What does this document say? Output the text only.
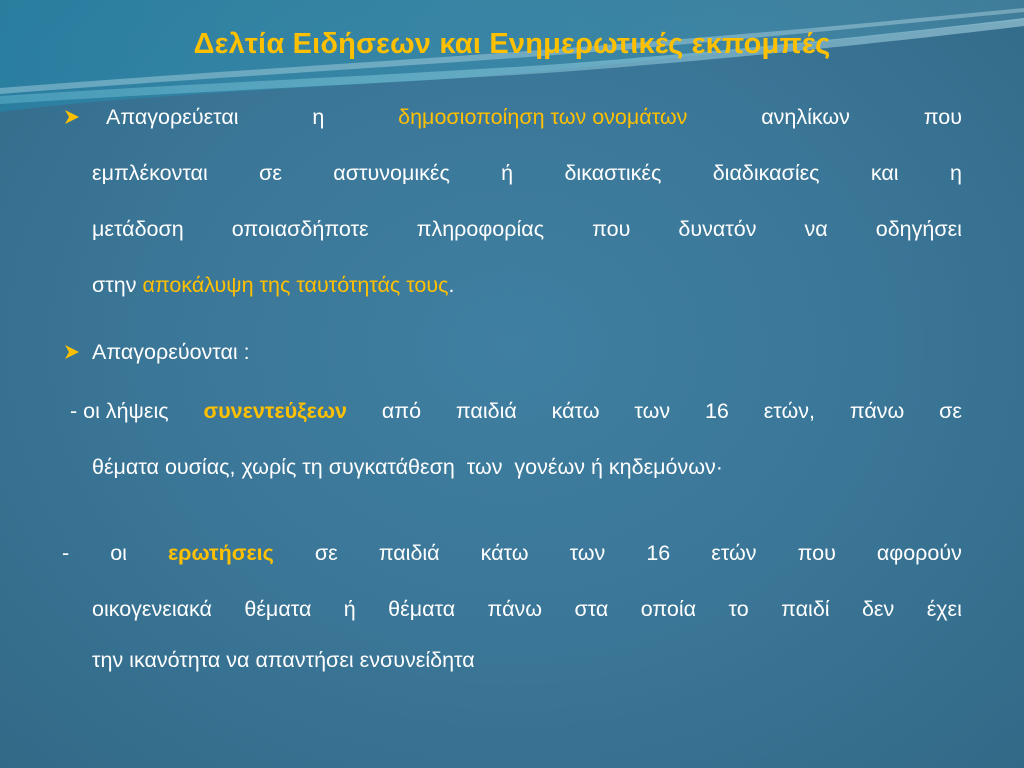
Δελτία Ειδήσεων και Ενημερωτικές εκπομπές
Απαγορεύεται	η	δημοσιοποίηση των ονομάτων	ανηλίκων	που
εμπλέκονται σε αστυνομικές ή δικαστικές διαδικασίες και η
μετάδοση οποιασδήποτε πληροφορίας που δυνατόν να οδηγήσει
στην αποκάλυψη της ταυτότητάς τους.
Απαγορεύονται :
- οι λήψεις συνεντεύξεων από παιδιά κάτω των 16 ετών, πάνω σε
θέματα ουσίας, χωρίς τη συγκατάθεση  των  γονέων ή κηδεμόνων·
- οι ερωτήσεις σε παιδιά κάτω των 16 ετών που αφορούν
οικογενειακά θέματα ή θέματα πάνω στα οποία το παιδί δεν έχει
την ικανότητα να απαντήσει ενσυνείδητα
